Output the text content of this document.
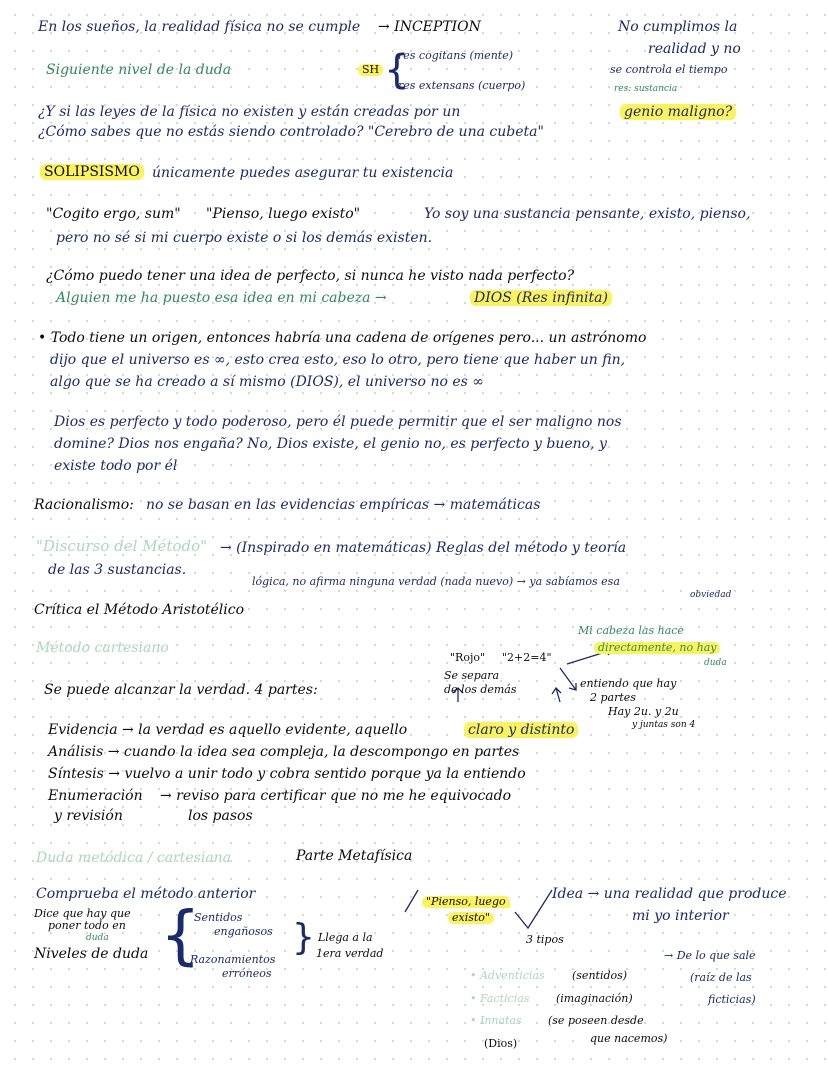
En los sueños, la realidad física no se cumple → INCEPTION	No cumplimos la
realidad y no
Siguiente nivel de la duda	SH {
res cogitans (mente)
se controla el tiempo
res extensans (cuerpo)	res: sustancia
¿Y si las leyes de la física no existen y están creadas por un	genio maligno?
¿Cómo sabes que no estás siendo controlado? "Cerebro de una cubeta"
SOLIPSISMO únicamente puedes asegurar tu existencia
"Cogito ergo, sum" "Pienso, luego existo"	Yo soy una sustancia pensante, existo, pienso,
pero no sé si mi cuerpo existe o si los demás existen.
¿Cómo puedo tener una idea de perfecto, si nunca he visto nada perfecto?
Alguien me ha puesto esa idea en mi cabeza →	DIOS (Res infinita)
• Todo tiene un origen, entonces habría una cadena de orígenes pero... un astrónomo
dijo que el universo es ∞, esto crea esto, eso lo otro, pero tiene que haber un fin,
algo que se ha creado a sí mismo (DIOS), el universo no es ∞
Dios es perfecto y todo poderoso, pero él puede permitir que el ser maligno nos
domine? Dios nos engaña? No, Dios existe, el genio no, es perfecto y bueno, y
existe todo por él
Racionalismo: no se basan en las evidencias empíricas → matemáticas
"Discurso del Método" → (Inspirado en matemáticas) Reglas del método y teoría
de las 3 sustancias.
lógica, no afirma ninguna verdad (nada nuevo) → ya sabíamos esa
obviedad
Crítica el Método Aristotélico
Método cartesiano
Mi cabeza las hace
directamente, no hay
duda
"Rojo" "2+2=4"
Se separa
de los demás	entiendo que hay
2 partes
Hay 2u. y 2u
y juntas son 4
Se puede alcanzar la verdad. 4 partes:
Evidencia → la verdad es aquello evidente, aquello	claro y distinto
Análisis → cuando la idea sea compleja, la descompongo en partes
Síntesis → vuelvo a unir todo y cobra sentido porque ya la entiendo
Enumeración → reviso para certificar que no me he equivocado
y revisión	los pasos
Duda metódica / cartesiana	Parte Metafísica
Comprueba el método anterior
Dice que hay que
poner todo en
duda
Niveles de duda {
Sentidos
engañosos
Razonamientos
erróneos
} Llega a la
1era verdad
"Pienso, luego
existo"
3 tipos
Idea → una realidad que produce
mi yo interior
• Adventicias (sentidos)
• Facticias (imaginación)
• Innatas (se poseen desde
que nacemos)
(Dios)
→ De lo que sale
(raíz de las
ficticias)
